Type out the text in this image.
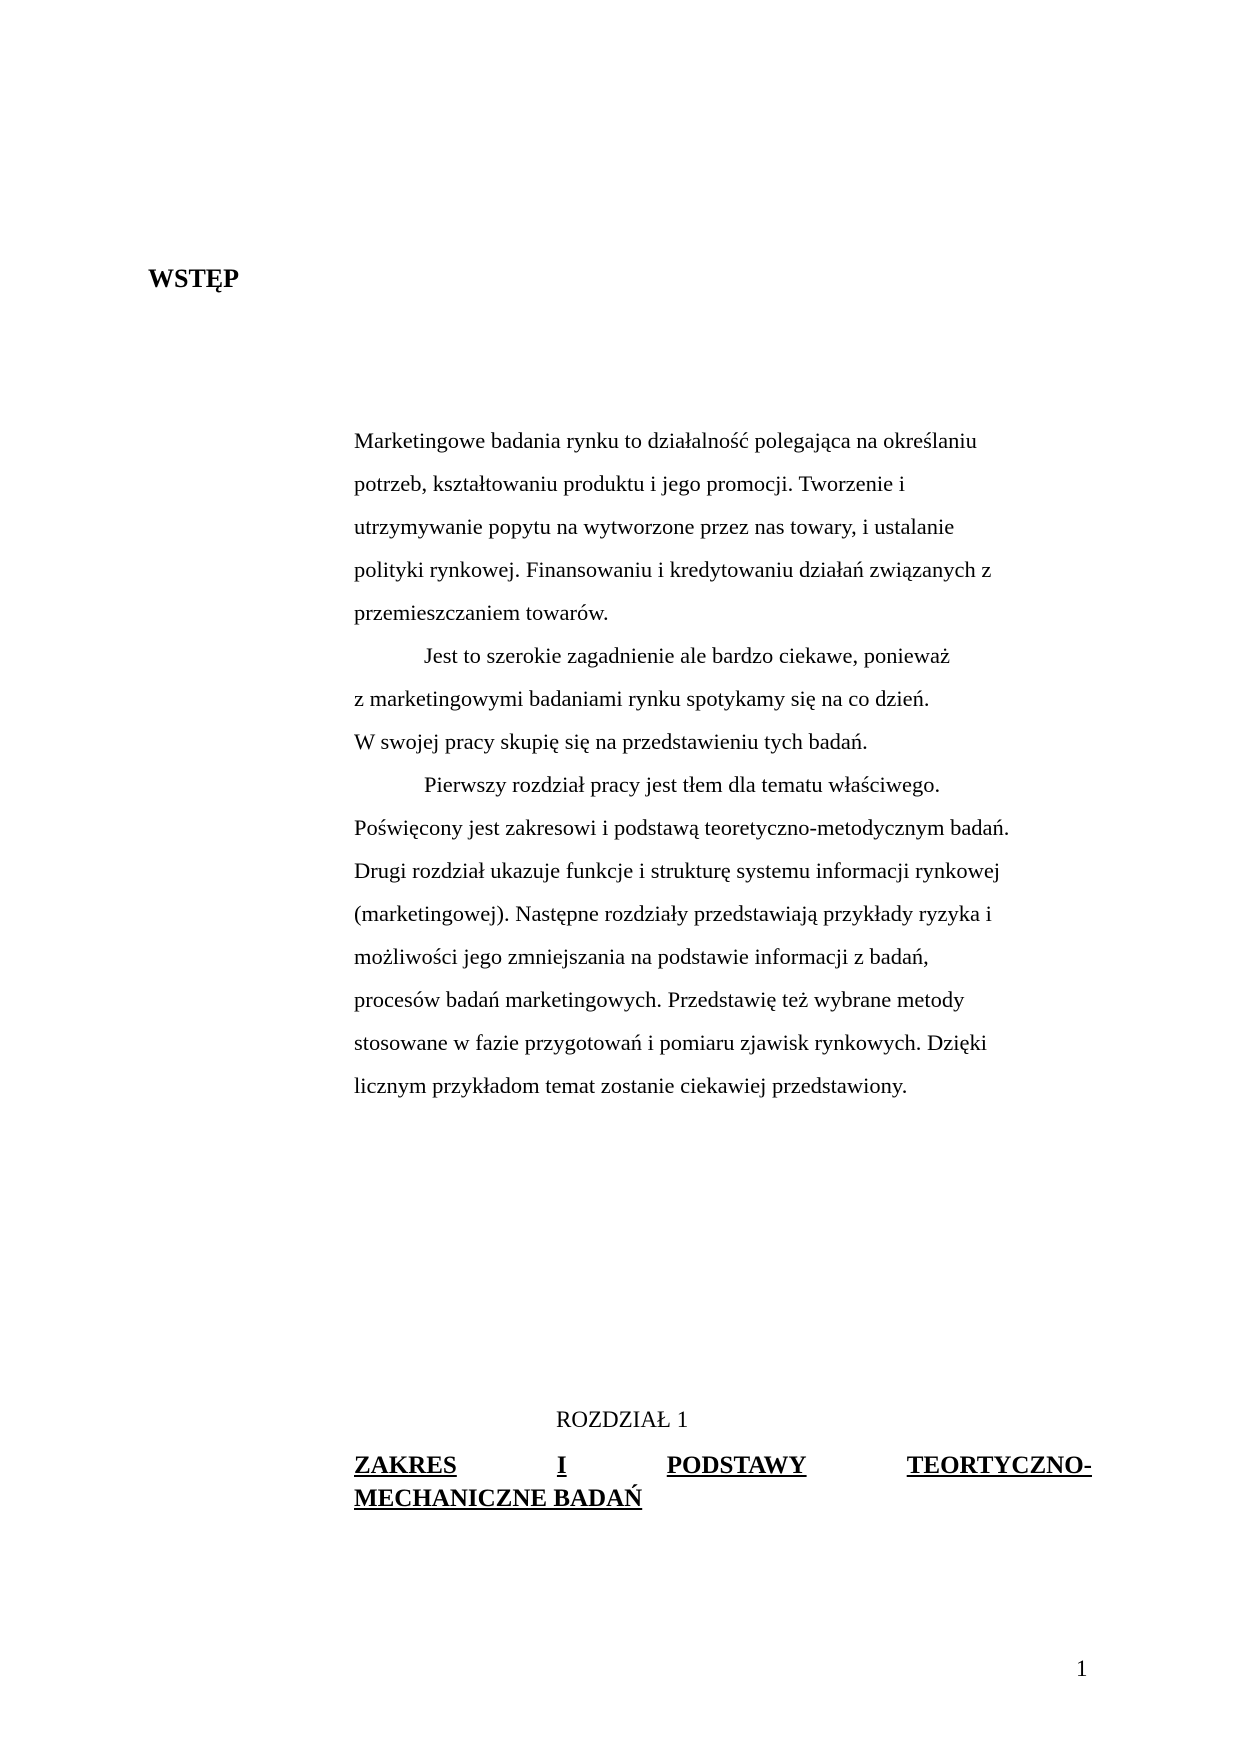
WSTĘP

Marketingowe badania rynku to działalność polegająca na określaniu
potrzeb, kształtowaniu produktu i jego promocji. Tworzenie i
utrzymywanie popytu na wytworzone przez nas towary, i ustalanie
polityki rynkowej. Finansowaniu i kredytowaniu działań związanych z
przemieszczaniem towarów.

Jest to szerokie zagadnienie ale bardzo ciekawe, ponieważ
z marketingowymi badaniami rynku spotykamy się na co dzień.
W swojej pracy skupię się na przedstawieniu tych badań.

Pierwszy rozdział pracy jest tłem dla tematu właściwego.
Poświęcony jest zakresowi i podstawą teoretyczno-metodycznym badań.
Drugi rozdział ukazuje funkcje i strukturę systemu informacji rynkowej
(marketingowej). Następne rozdziały przedstawiają przykłady ryzyka i
możliwości jego zmniejszania na podstawie informacji z badań,
procesów badań marketingowych. Przedstawię też wybrane metody
stosowane w fazie przygotowań i pomiaru zjawisk rynkowych. Dzięki
licznym przykładom temat zostanie ciekawiej przedstawiony.

ROZDZIAŁ 1

ZAKRES	I	PODSTAWY	TEORTYCZNO-
MECHANICZNE BADAŃ

1
